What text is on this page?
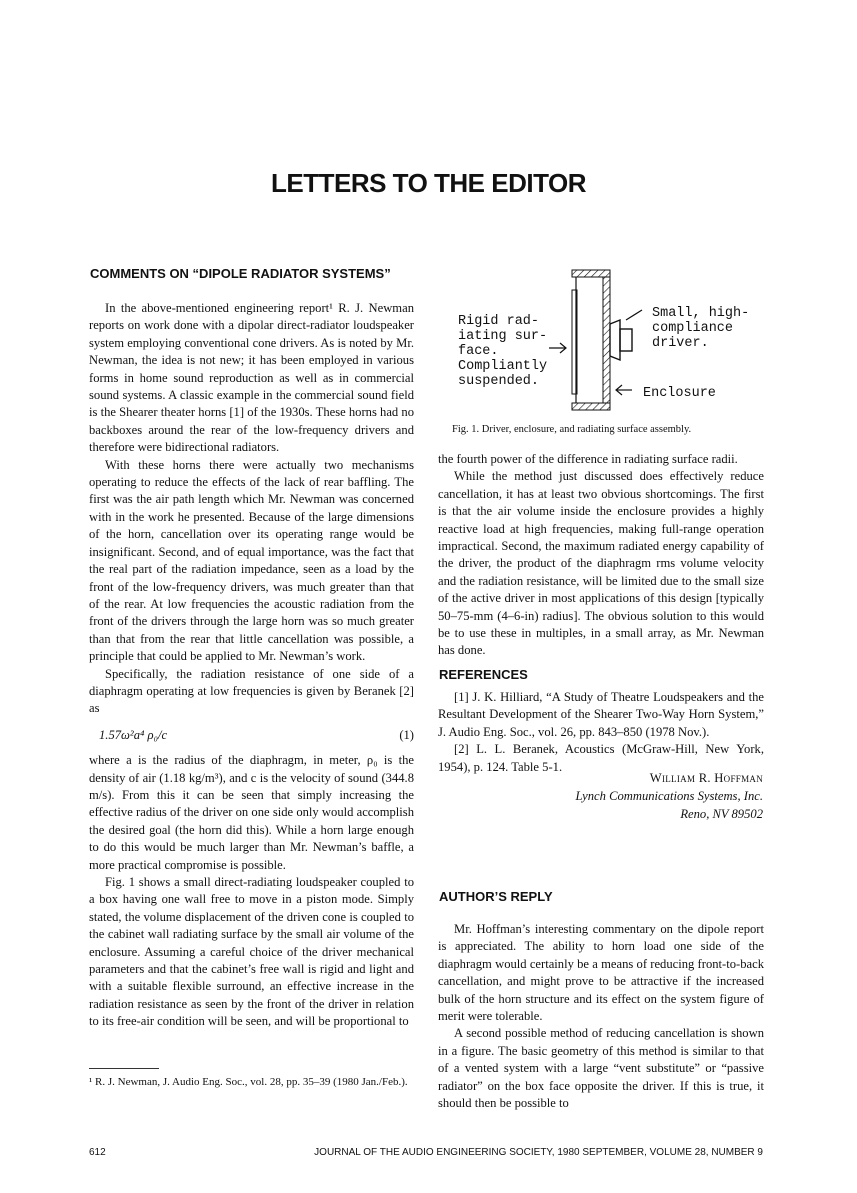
LETTERS TO THE EDITOR
COMMENTS ON “DIPOLE RADIATOR SYSTEMS”

In the above-mentioned engineering report¹ R. J. Newman reports on work done with a dipolar direct-radiator loudspeaker system employing conventional cone drivers. As is noted by Mr. Newman, the idea is not new; it has been employed in various forms in home sound reproduction as well as in commercial sound systems. A classic example in the commercial sound field is the Shearer theater horns [1] of the 1930s. These horns had no backboxes around the rear of the low-frequency drivers and therefore were bidirectional radiators.

With these horns there were actually two mechanisms operating to reduce the effects of the lack of rear baffling. The first was the air path length which Mr. Newman was concerned with in the work he presented. Because of the large dimensions of the horn, cancellation over its operating range would be insignificant. Second, and of equal importance, was the fact that the real part of the radiation impedance, seen as a load by the front of the low-frequency drivers, was much greater than that of the rear. At low frequencies the acoustic radiation from the front of the drivers through the large horn was so much greater than that from the rear that little cancellation was possible, a principle that could be applied to Mr. Newman’s work.

Specifically, the radiation resistance of one side of a diaphragm operating at low frequencies is given by Beranek [2] as

1.57ω²a⁴ ρ₀/c	(1)

where a is the radius of the diaphragm, in meter, ρ₀ is the density of air (1.18 kg/m³), and c is the velocity of sound (344.8 m/s). From this it can be seen that simply increasing the effective radius of the driver on one side only would accomplish the desired goal (the horn did this). While a horn large enough to do this would be much larger than Mr. Newman’s baffle, a more practical compromise is possible.

Fig. 1 shows a small direct-radiating loudspeaker coupled to a box having one wall free to move in a piston mode. Simply stated, the volume displacement of the driven cone is coupled to the cabinet wall radiating surface by the small air volume of the enclosure. Assuming a careful choice of the driver mechanical parameters and that the cabinet’s free wall is rigid and light and with a suitable flexible surround, an effective increase in the radiation resistance as seen by the front of the driver in relation to its free-air condition will be seen, and will be proportional to

¹ R. J. Newman, J. Audio Eng. Soc., vol. 28, pp. 35–39 (1980 Jan./Feb.).
Rigid rad-
iating sur-
face.
Compliantly
suspended.
Small, high-
compliance
driver.
Enclosure
Fig. 1. Driver, enclosure, and radiating surface assembly.

the fourth power of the difference in radiating surface radii.

While the method just discussed does effectively reduce cancellation, it has at least two obvious shortcomings. The first is that the air volume inside the enclosure provides a highly reactive load at high frequencies, making full-range operation impractical. Second, the maximum radiated energy capability of the driver, the product of the diaphragm rms volume velocity and the radiation resistance, will be limited due to the small size of the active driver in most applications of this design [typically 50–75-mm (4–6-in) radius]. The obvious solution to this would be to use these in multiples, in a small array, as Mr. Newman has done.

REFERENCES

[1] J. K. Hilliard, “A Study of Theatre Loudspeakers and the Resultant Development of the Shearer Two-Way Horn System,” J. Audio Eng. Soc., vol. 26, pp. 843–850 (1978 Nov.).

[2] L. L. Beranek, Acoustics (McGraw-Hill, New York, 1954), p. 124. Table 5-1.

William R. Hoffman
Lynch Communications Systems, Inc.
Reno, NV 89502
AUTHOR’S REPLY

Mr. Hoffman’s interesting commentary on the dipole report is appreciated. The ability to horn load one side of the diaphragm would certainly be a means of reducing front-to-back cancellation, and might prove to be attractive if the increased bulk of the horn structure and its effect on the system figure of merit were tolerable.

A second possible method of reducing cancellation is shown in a figure. The basic geometry of this method is similar to that of a vented system with a large “vent substitute” or “passive radiator” on the box face opposite the driver. If this is true, it should then be possible to

612	JOURNAL OF THE AUDIO ENGINEERING SOCIETY, 1980 SEPTEMBER, VOLUME 28, NUMBER 9
